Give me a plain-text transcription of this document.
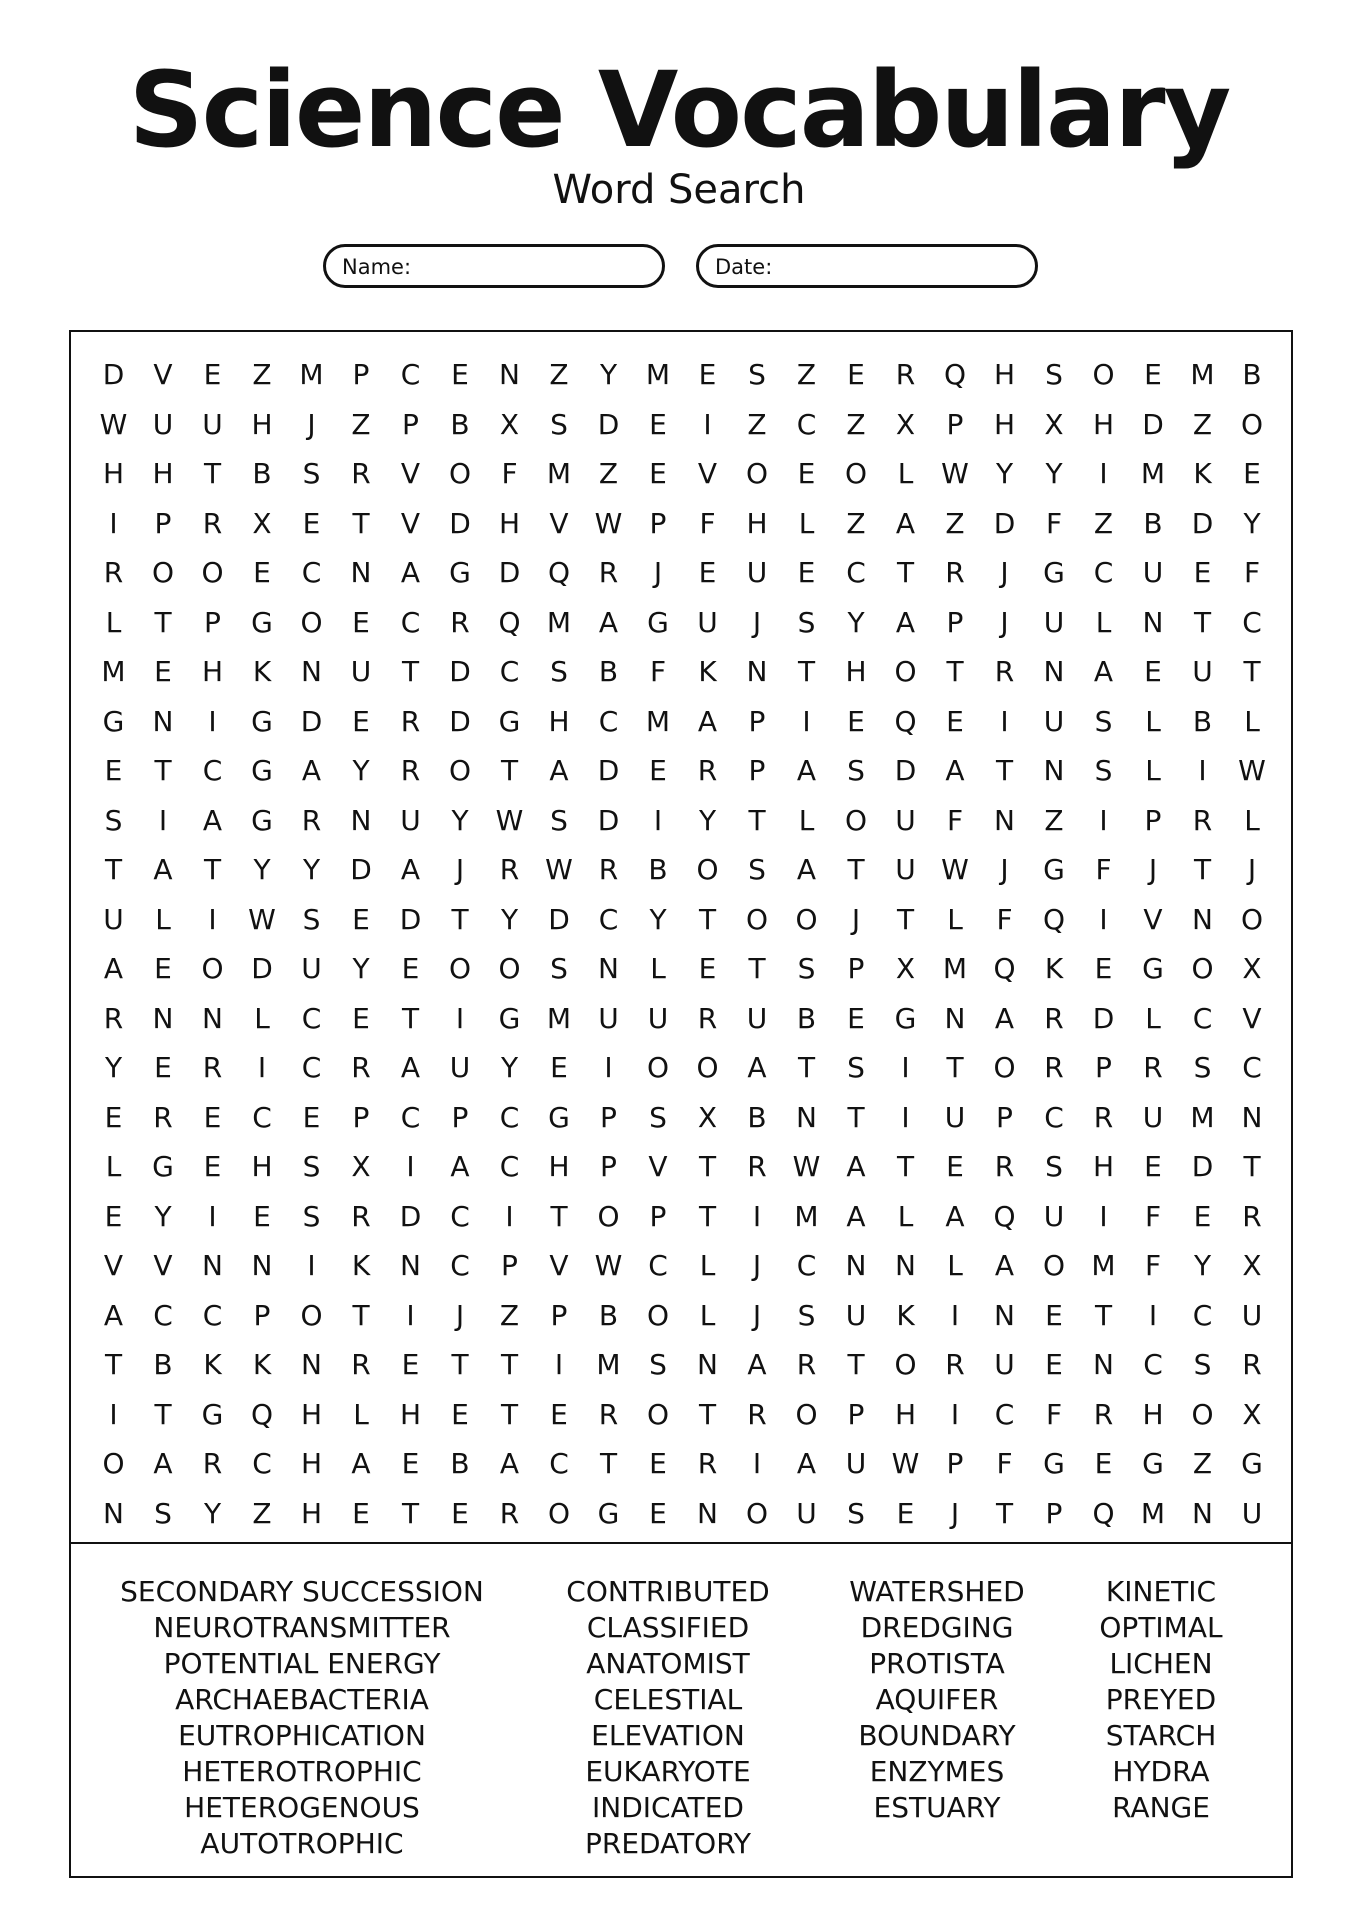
Science Vocabulary
Word Search
Name:	Date:
D	V	E	Z M	P	C	E	N	Z	Y	M	E	S	Z	E	R	Q H	S	O	E	M B
W U	U	H	J	Z	P	B	X	S	D	E	I	Z	C	Z	X	P	H	X	H	D	Z	O
H	H	T	B	S	R	V	O	F	M Z	E	V	O	E	O	L W Y	Y	I	M	K	E
I	P	R	X	E	T	V	D	H	V W P	F	H	L	Z	A	Z	D	F	Z	B	D	Y
R	O O	E	C	N	A	G D Q	R	J	E	U	E	C	T	R	J	G	C	U	E	F
L	T	P	G O	E	C	R	Q M A	G	U	J	S	Y	A	P	J	U	L	N	T	C
M	E	H	K	N	U	T	D	C	S	B	F	K	N	T	H O	T	R	N	A	E	U	T
G	N	I	G D	E	R	D G	H	C M A	P	I	E	Q	E	I	U	S	L	B	L
E	T	C	G	A	Y	R	O	T	A	D	E	R	P	A	S	D	A	T	N	S	L	I	W
S	I	A	G	R	N	U	Y W S	D	I	Y	T	L	O	U	F	N	Z	I	P	R	L
T	A	T	Y	Y	D	A	J	R W R	B	O	S	A	T	U W	J	G	F	J	T	J
U	L	I	W S	E	D	T	Y	D	C	Y	T	O O	J	T	L	F	Q	I	V	N	O
A	E	O D	U	Y	E	O O	S	N	L	E	T	S	P	X M Q	K	E	G O	X
R	N	N	L	C	E	T	I	G M U	U	R	U	B	E	G	N	A	R	D	L	C	V
Y	E	R	I	C	R	A	U	Y	E	I	O O	A	T	S	I	T	O	R	P	R	S	C
E	R	E	C	E	P	C	P	C	G	P	S	X	B	N	T	I	U	P	C	R	U M N
L	G	E	H	S	X	I	A	C	H	P	V	T	R W A	T	E	R	S	H	E	D	T
E	Y	I	E	S	R	D	C	I	T	O	P	T	I	M A	L	A	Q	U	I	F	E	R
V	V	N	N	I	K	N	C	P	V W C	L	J	C	N	N	L	A	O M	F	Y	X
A	C	C	P	O	T	I	J	Z	P	B	O	L	J	S	U	K	I	N	E	T	I	C	U
T	B	K	K	N	R	E	T	T	I	M	S	N	A	R	T	O	R	U	E	N	C	S	R
I	T	G Q H	L	H	E	T	E	R	O	T	R	O	P	H	I	C	F	R	H O	X
O	A	R	C	H	A	E	B	A	C	T	E	R	I	A	U W P	F	G	E	G	Z	G
N	S	Y	Z	H	E	T	E	R	O G	E	N	O	U	S	E	J	T	P	Q M N	U
SECONDARY SUCCESSION
NEUROTRANSMITTER
POTENTIAL ENERGY
ARCHAEBACTERIA
EUTROPHICATION
HETEROTROPHIC
HETEROGENOUS
AUTOTROPHIC
CONTRIBUTED
CLASSIFIED
ANATOMIST
CELESTIAL
ELEVATION
EUKARYOTE
INDICATED
PREDATORY
WATERSHED
DREDGING
PROTISTA
AQUIFER
BOUNDARY
ENZYMES
ESTUARY
KINETIC
OPTIMAL
LICHEN
PREYED
STARCH
HYDRA
RANGE
